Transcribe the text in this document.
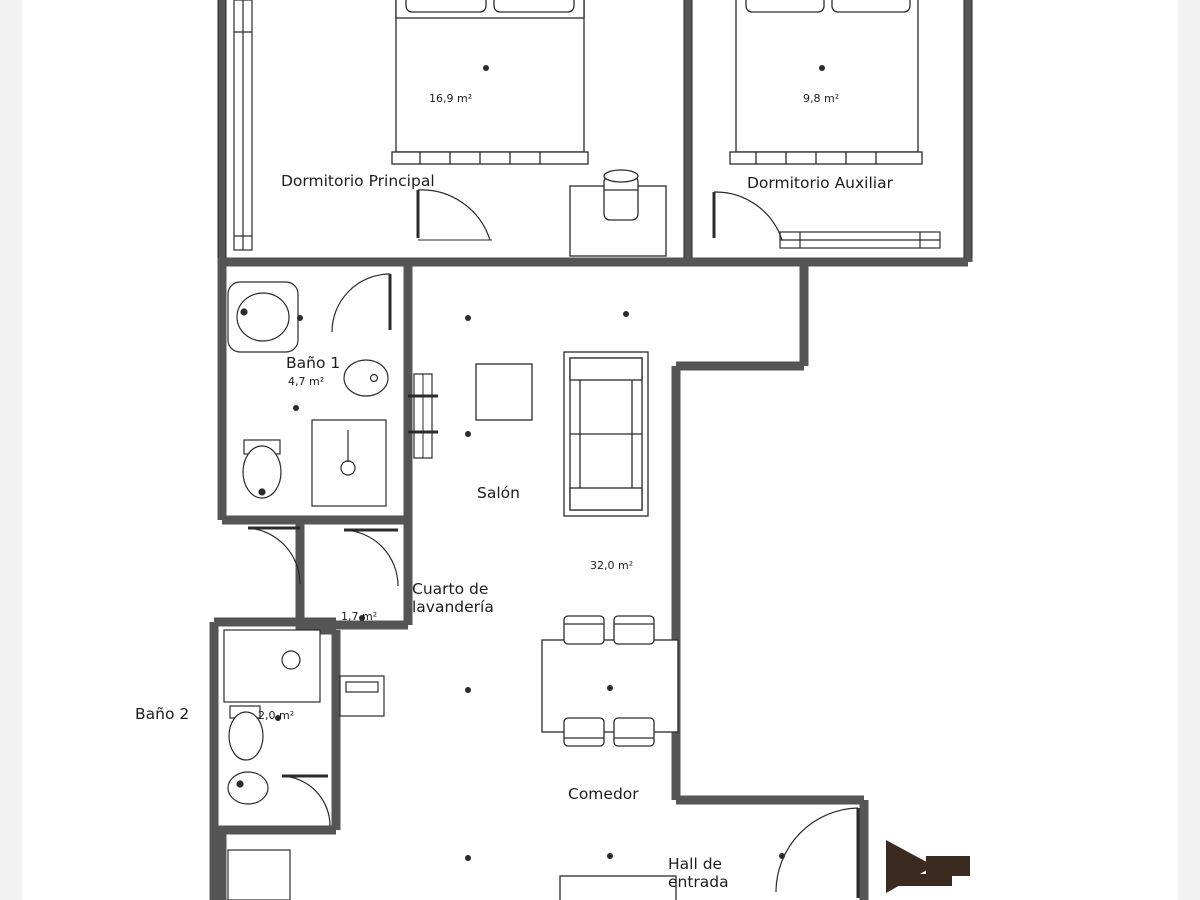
Dormitorio Principal
16,9 m²
Dormitorio Auxiliar
9,8 m²
Baño 1
4,7 m²
Baño 2	2,0 m²
Cuarto de lavandería
1,7 m²
Salón
32,0 m²
Comedor
Hall de entrada
